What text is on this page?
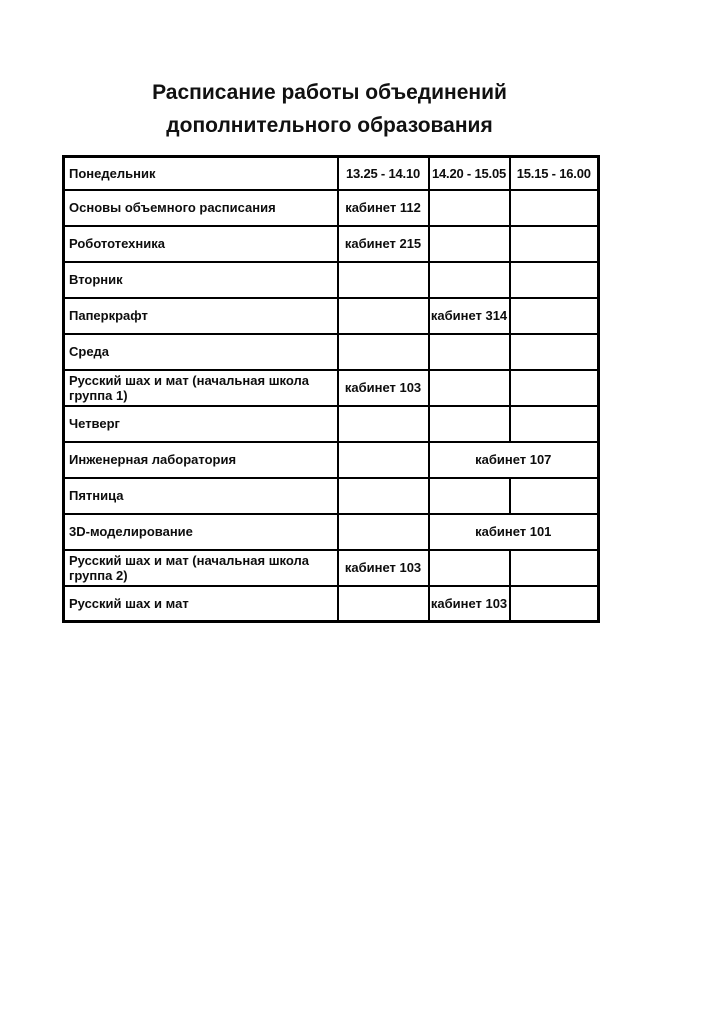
Расписание работы объединений
дополнительного образования
Понедельник	13.25 - 14.10	14.20 - 15.05	15.15 - 16.00
Основы объемного расписания	кабинет 112		
Робототехника	кабинет 215		
Вторник			
Паперкрафт		кабинет 314	
Среда			
Русский шах и мат (начальная школа группа 1)	кабинет 103		
Четверг			
Инженерная лаборатория		кабинет 107	
Пятница			
3D-моделирование		кабинет 101	
Русский шах и мат (начальная школа группа 2)	кабинет 103		
Русский шах и мат		кабинет 103	
